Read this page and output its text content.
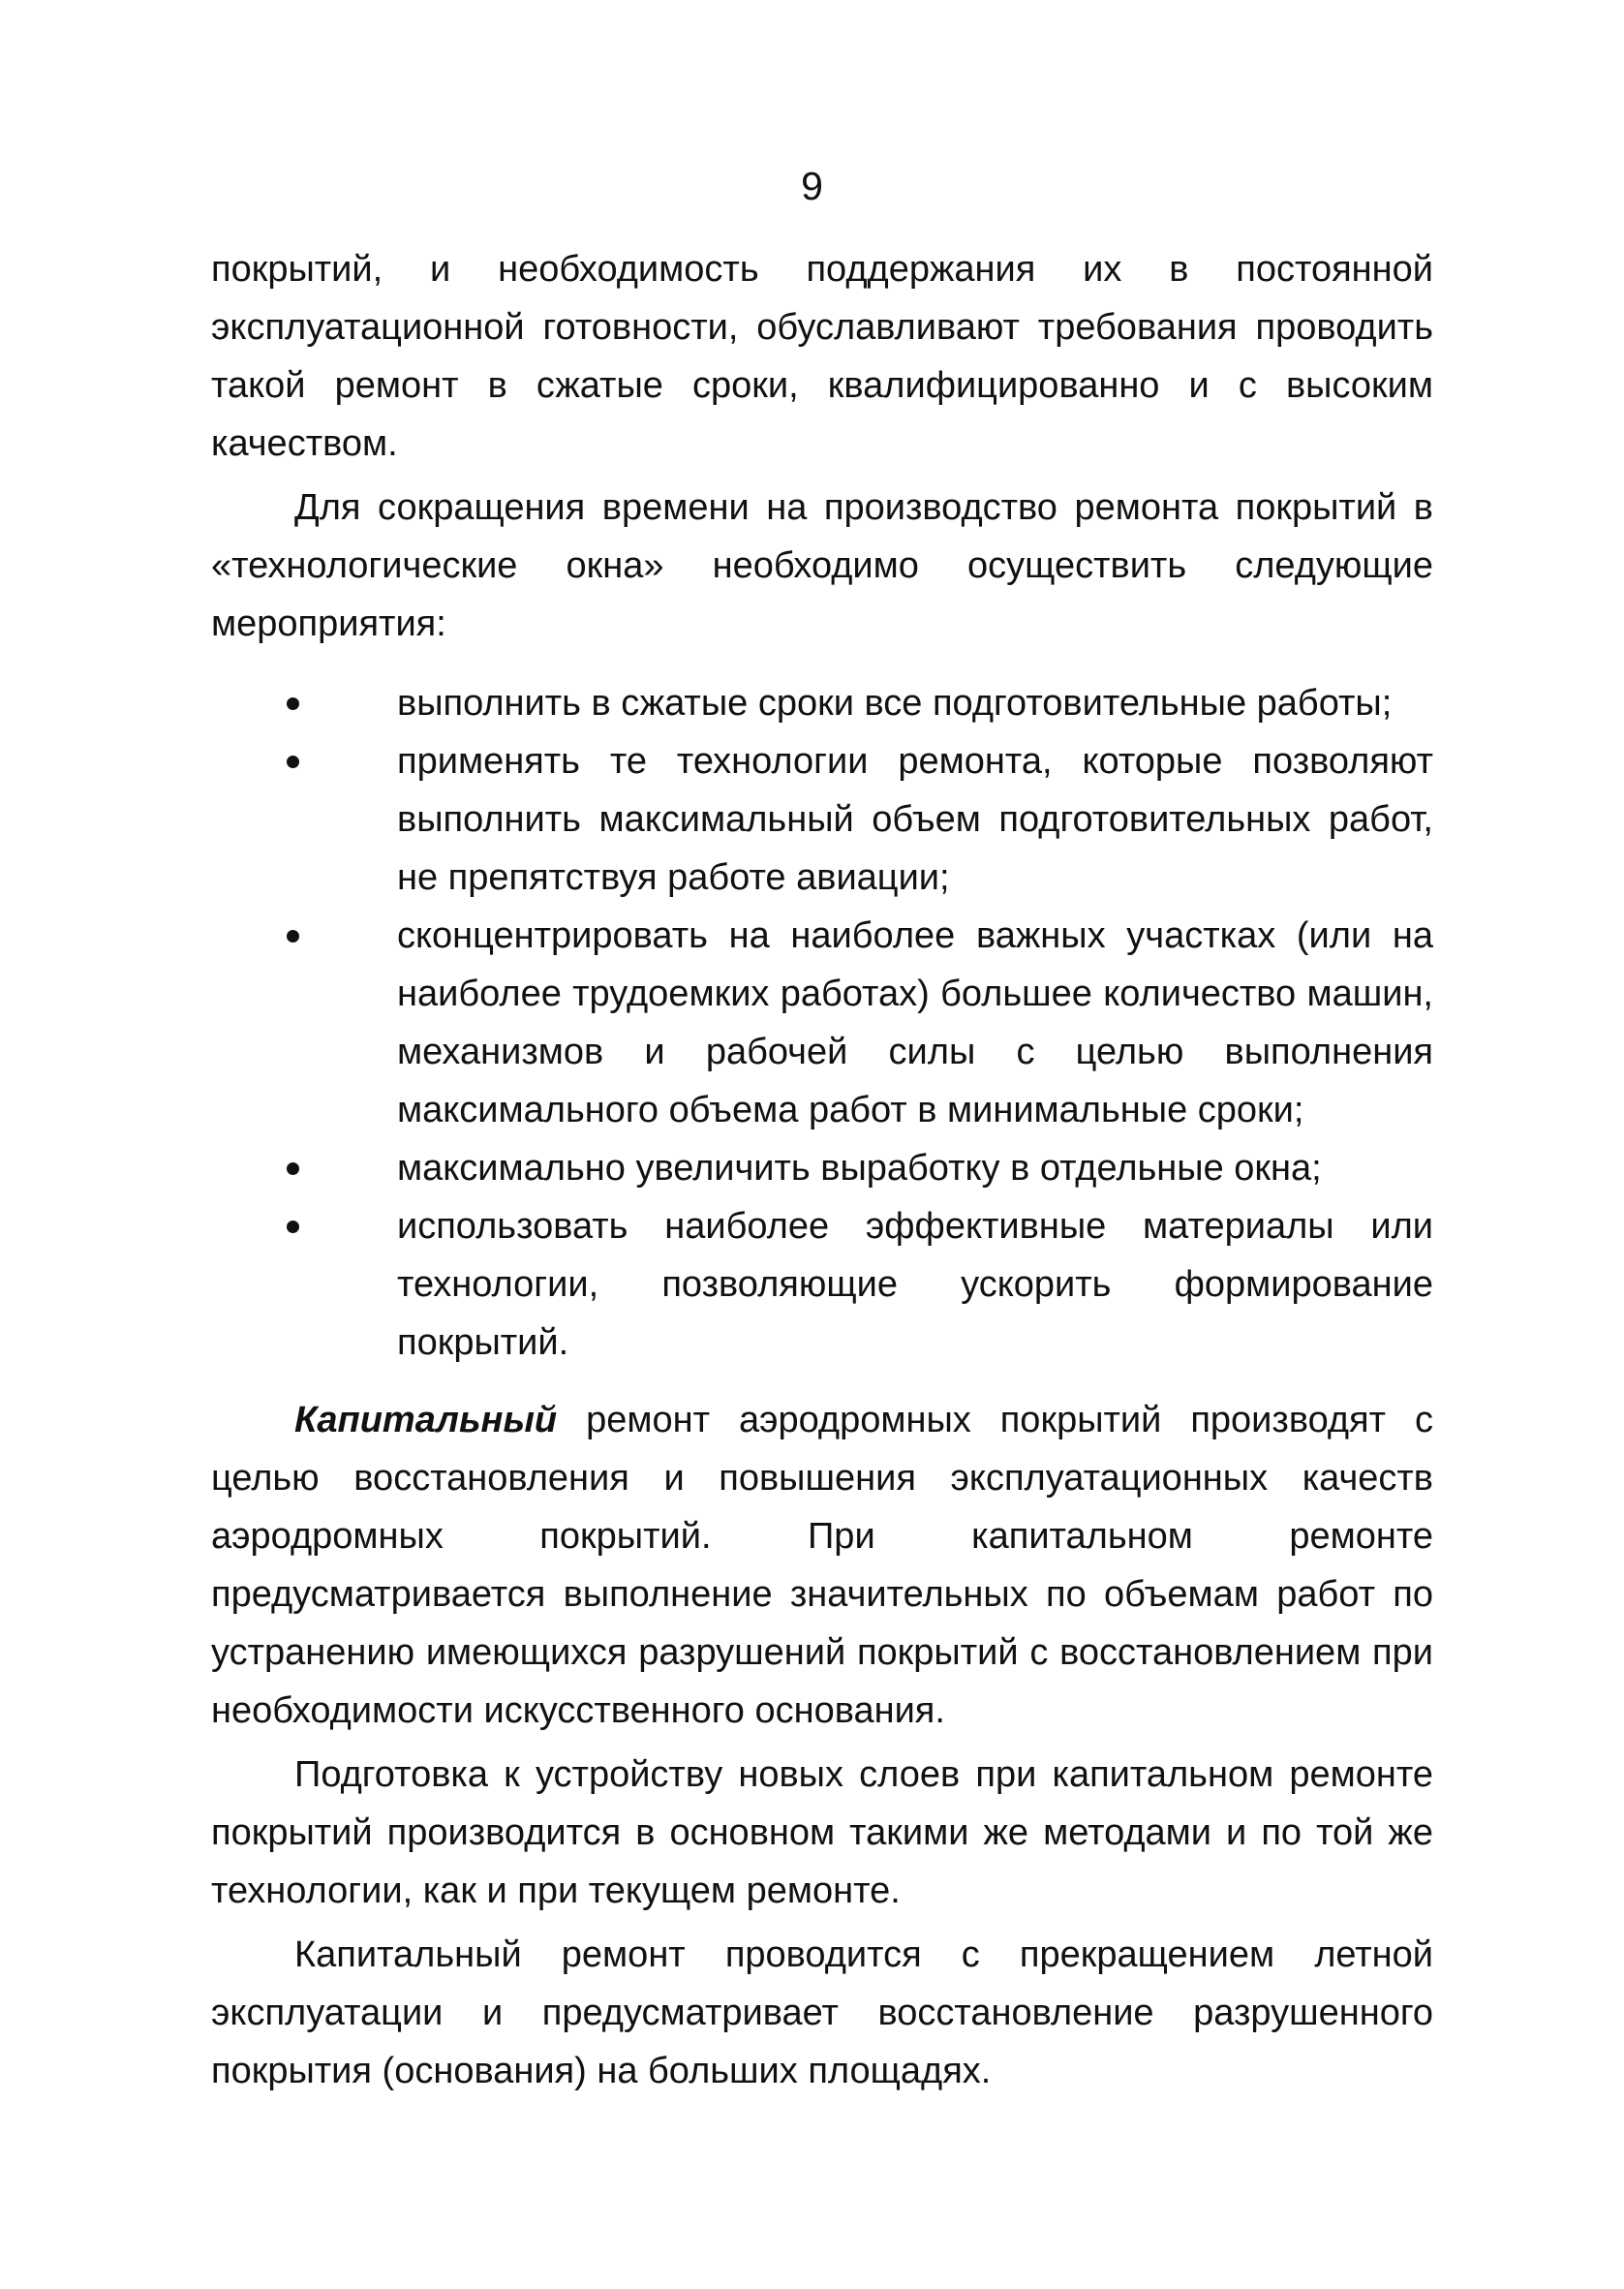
9

покрытий, и необходимость поддержания их в постоянной эксплуатационной готовности, обуславливают требования проводить такой ремонт в сжатые сроки, квалифицированно и с высоким качеством.

Для сокращения времени на производство ремонта покрытий в «технологические окна» необходимо осуществить следующие мероприятия:

выполнить в сжатые сроки все подготовительные работы;
применять те технологии ремонта, которые позволяют выполнить максимальный объем подготовительных работ, не препятствуя работе авиации;
сконцентрировать на наиболее важных участках (или на наиболее трудоемких работах) большее количество машин, механизмов и рабочей силы с целью выполнения максимального объема работ в минимальные сроки;
максимально увеличить выработку в отдельные окна;
использовать наиболее эффективные материалы или технологии, позволяющие ускорить формирование покрытий.

Капитальный ремонт аэродромных покрытий производят с целью восстановления и повышения эксплуатационных качеств аэродромных покрытий. При капитальном ремонте предусматривается выполнение значительных по объемам работ по устранению имеющихся разрушений покрытий с восстановлением при необходимости искусственного основания.

Подготовка к устройству новых слоев при капитальном ремонте покрытий производится в основном такими же методами и по той же технологии, как и при текущем ремонте.

Капитальный ремонт проводится с прекращением летной эксплуатации и предусматривает восстановление разрушенного покрытия (основания) на больших площадях.
